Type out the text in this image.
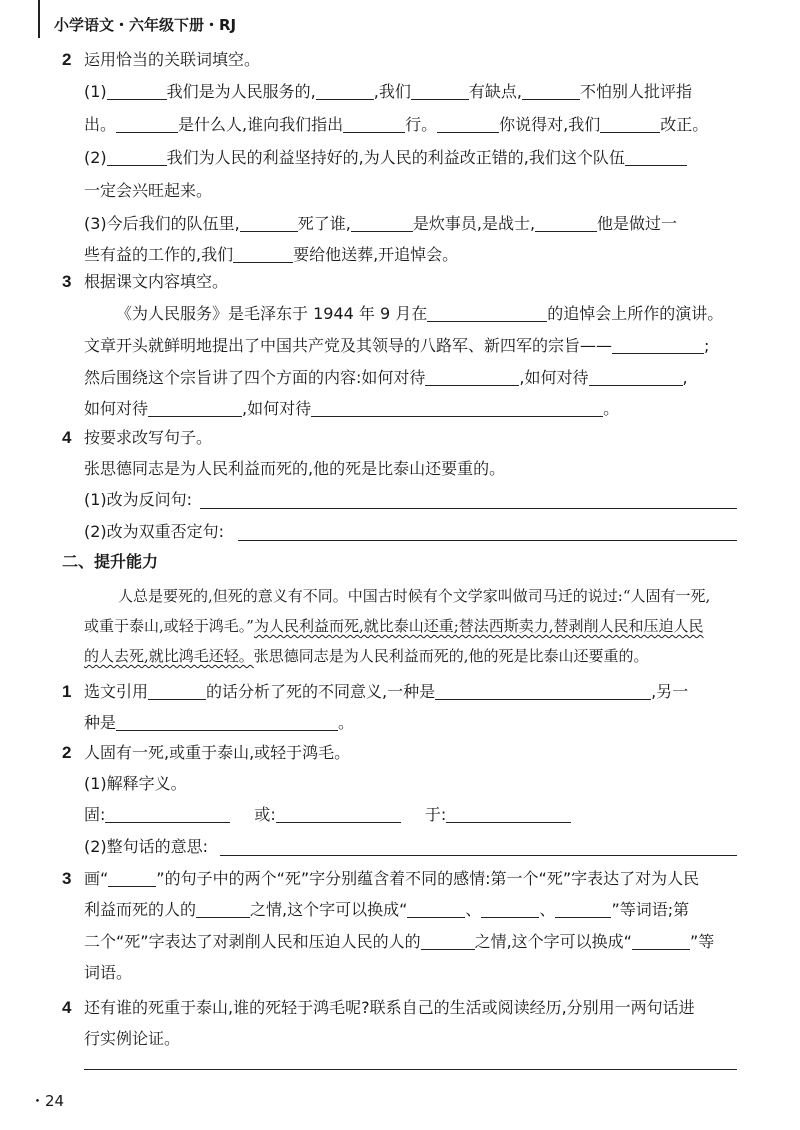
小学语文・六年级下册・RJ
2 运用恰当的关联词填空。
(1)	我们是为人民服务的,	,我们	有缺点,	不怕别人批评指
出。	是什么人,谁向我们指出	行。	你说得对,我们	改正。
(2)	我们为人民的利益坚持好的,为人民的利益改正错的,我们这个队伍
一定会兴旺起来。
(3)今后我们的队伍里,	死了谁,	是炊事员,是战士,	他是做过一
些有益的工作的,我们	要给他送葬,开追悼会。
3 根据课文内容填空。
《为人民服务》是毛泽东于 1944 年 9 月在	的追悼会上所作的演讲。
文章开头就鲜明地提出了中国共产党及其领导的八路军、新四军的宗旨——	;
然后围绕这个宗旨讲了四个方面的内容:如何对待	,如何对待	,
如何对待	,如何对待	。
4 按要求改写句子。
张思德同志是为人民利益而死的,他的死是比泰山还要重的。
(1)改为反问句:
(2)改为双重否定句:
二、提升能力
人总是要死的,但死的意义有不同。中国古时候有个文学家叫做司马迁的说过:“人固有一死,
或重于泰山,或轻于鸿毛。”为人民利益而死,就比泰山还重;替法西斯卖力,替剥削人民和压迫人民
的人去死,就比鸿毛还轻。张思德同志是为人民利益而死的,他的死是比泰山还要重的。
1 选文引用	的话分析了死的不同意义,一种是	,另一
种是	。
2 人固有一死,或重于泰山,或轻于鸿毛。
(1)解释字义。
固:	或:	于:
(2)整句话的意思:
3 画“	”的句子中的两个“死”字分别蕴含着不同的感情:第一个“死”字表达了对为人民
利益而死的人的	之情,这个字可以换成“	、	、	”等词语;第
二个“死”字表达了对剥削人民和压迫人民的人的	之情,这个字可以换成“	”等
词语。
4 还有谁的死重于泰山,谁的死轻于鸿毛呢?联系自己的生活或阅读经历,分别用一两句话进
行实例论证。
・24
